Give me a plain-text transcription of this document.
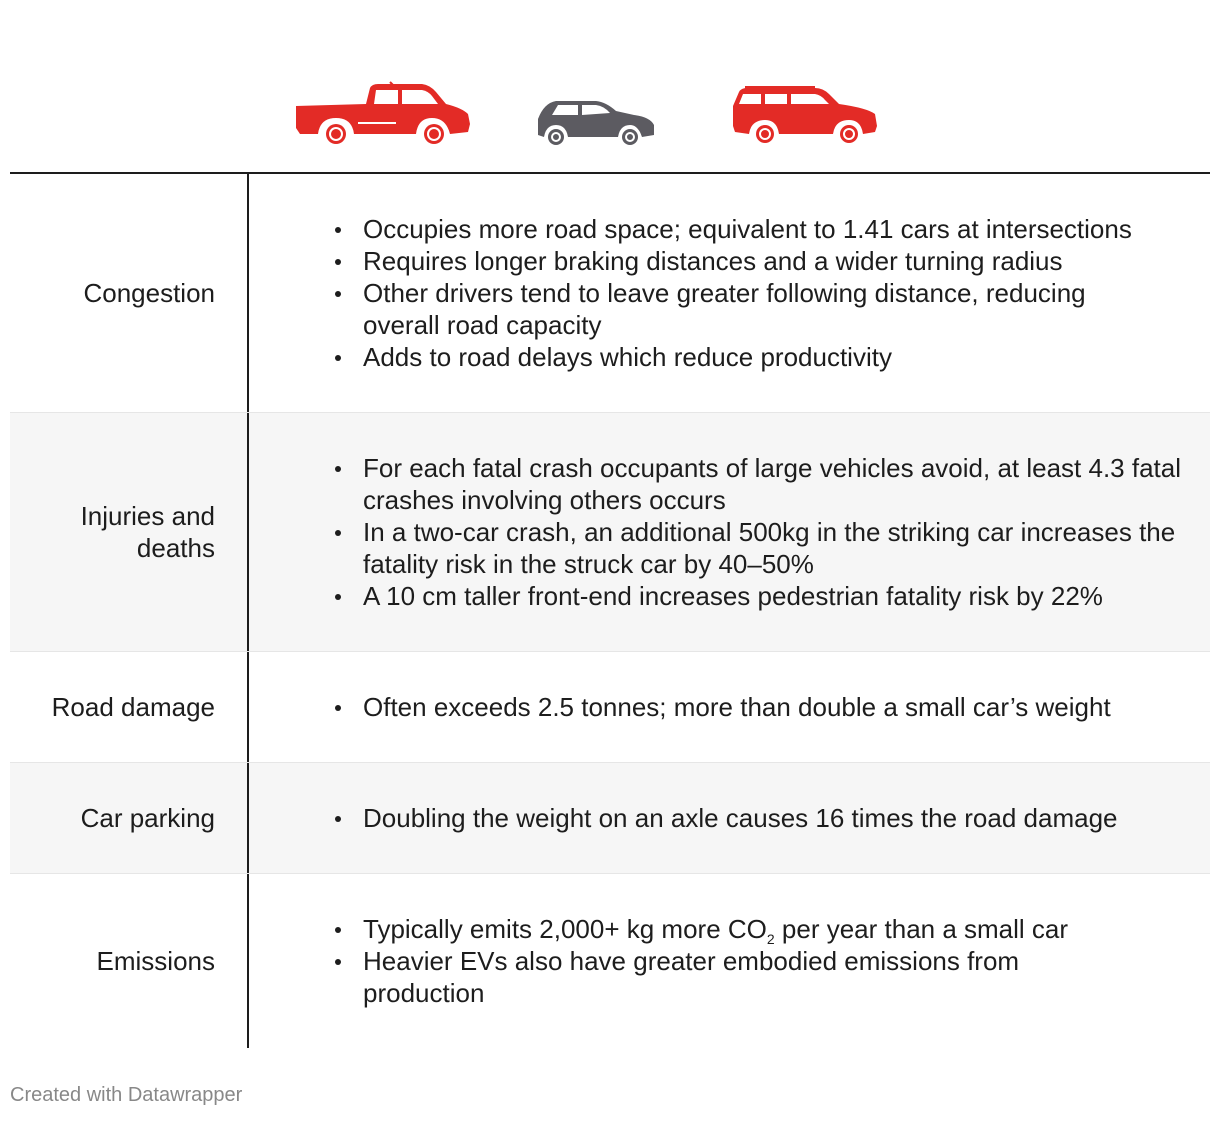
Congestion
Occupies more road space; equivalent to 1.41 cars at intersections
Requires longer braking distances and a wider turning radius
Other drivers tend to leave greater following distance, reducing overall road capacity
Adds to road delays which reduce productivity
Injuries and deaths
For each fatal crash occupants of large vehicles avoid, at least 4.3 fatal crashes involving others occurs
In a two-car crash, an additional 500kg in the striking car increases the fatality risk in the struck car by 40–50%
A 10 cm taller front-end increases pedestrian fatality risk by 22%
Road damage	Often exceeds 2.5 tonnes; more than double a small car’s weight
Car parking	Doubling the weight on an axle causes 16 times the road damage
Emissions
Typically emits 2,000+ kg more $CO_2$ per year than a small car
Heavier EVs also have greater embodied emissions from production
Created with Datawrapper
